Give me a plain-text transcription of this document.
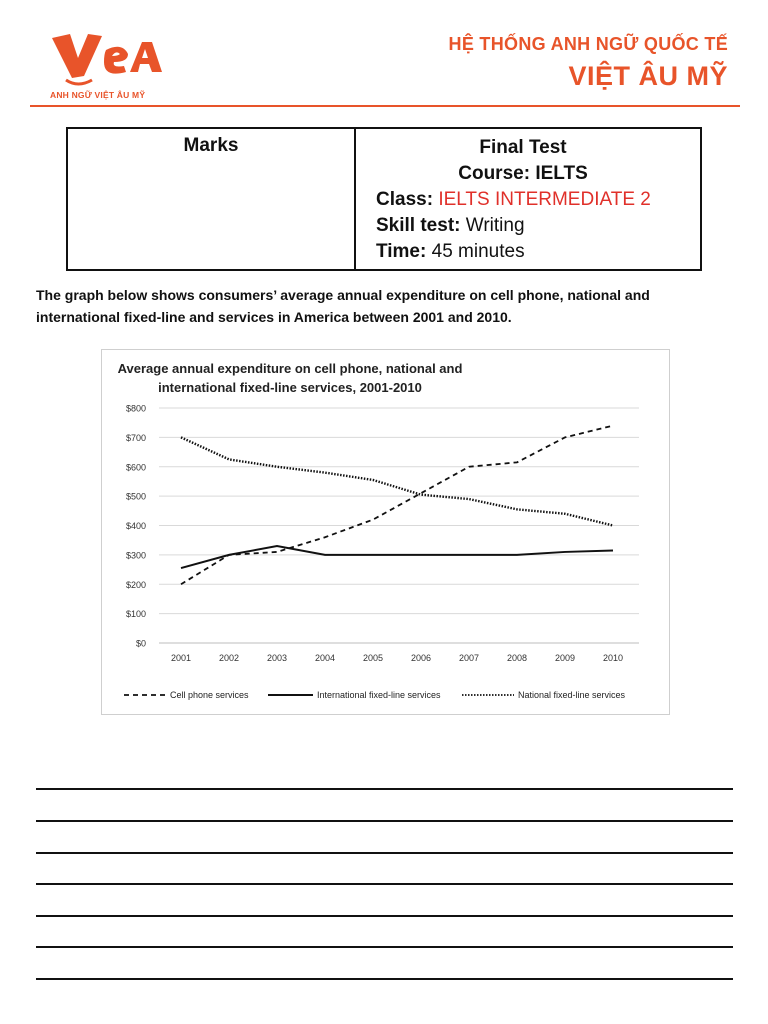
ANH NGỮ VIỆT ÂU MỸ
HỆ THỐNG ANH NGỮ QUỐC TẾ
VIỆT ÂU MỸ
Marks	Final Test
Course: IELTS
Class: IELTS INTERMEDIATE 2
Skill test: Writing
Time: 45 minutes
The graph below shows consumers’ average annual expenditure on cell phone, national and international fixed-line and services in America between 2001 and 2010.
Average annual expenditure on cell phone, national and
international fixed-line services, 2001-2010
$0
$100
$200
$300
$400
$500
$600
$700
$800
2001	2002	2003	2004	2005	2006	2007	2008	2009	2010
Cell phone services	International fixed-line services	National fixed-line services
